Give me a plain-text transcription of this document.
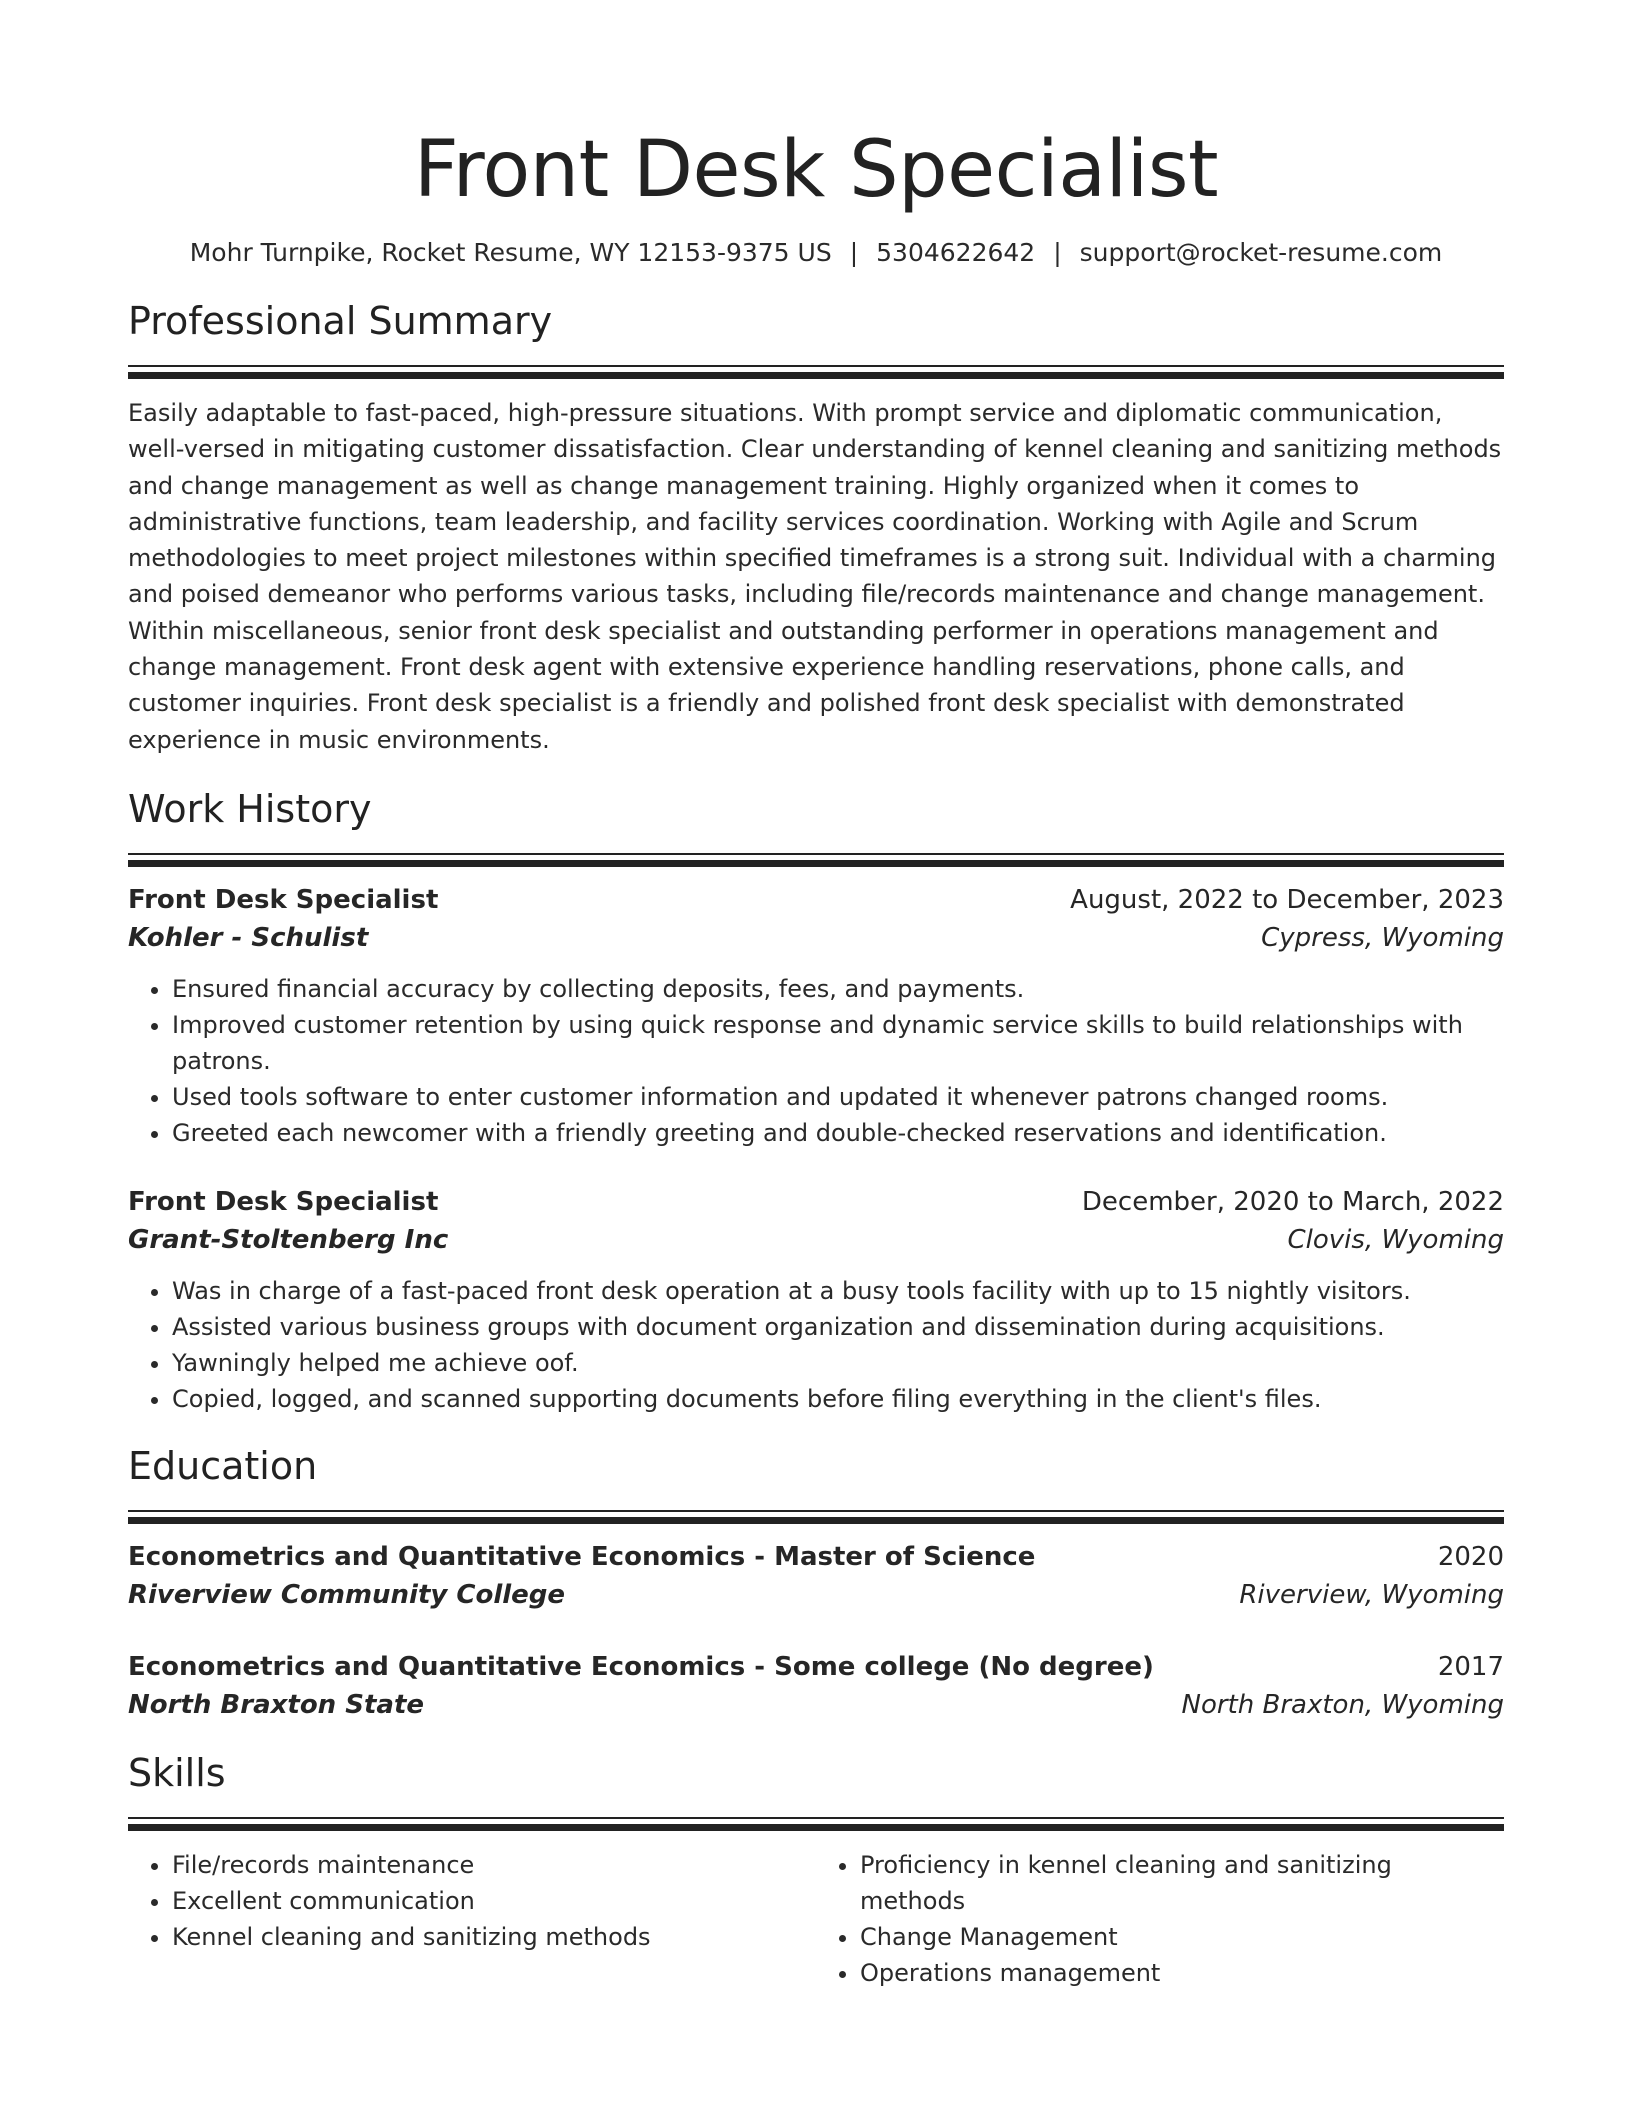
Front Desk Specialist
Mohr Turnpike, Rocket Resume, WY 12153-9375 US | 5304622642 | support@rocket-resume.com
Professional Summary
Easily adaptable to fast-paced, high-pressure situations. With prompt service and diplomatic communication, well-versed in mitigating customer dissatisfaction. Clear understanding of kennel cleaning and sanitizing methods and change management as well as change management training. Highly organized when it comes to administrative functions, team leadership, and facility services coordination. Working with Agile and Scrum methodologies to meet project milestones within specified timeframes is a strong suit. Individual with a charming and poised demeanor who performs various tasks, including file/records maintenance and change management. Within miscellaneous, senior front desk specialist and outstanding performer in operations management and change management. Front desk agent with extensive experience handling reservations, phone calls, and customer inquiries. Front desk specialist is a friendly and polished front desk specialist with demonstrated experience in music environments.
Work History
Front Desk Specialist	August, 2022 to December, 2023
Kohler - Schulist	Cypress, Wyoming
• Ensured financial accuracy by collecting deposits, fees, and payments.
• Improved customer retention by using quick response and dynamic service skills to build relationships with patrons.
• Used tools software to enter customer information and updated it whenever patrons changed rooms.
• Greeted each newcomer with a friendly greeting and double-checked reservations and identification.
Front Desk Specialist	December, 2020 to March, 2022
Grant-Stoltenberg Inc	Clovis, Wyoming
• Was in charge of a fast-paced front desk operation at a busy tools facility with up to 15 nightly visitors.
• Assisted various business groups with document organization and dissemination during acquisitions.
• Yawningly helped me achieve oof.
• Copied, logged, and scanned supporting documents before filing everything in the client's files.
Education
Econometrics and Quantitative Economics - Master of Science	2020
Riverview Community College	Riverview, Wyoming
Econometrics and Quantitative Economics - Some college (No degree)	2017
North Braxton State	North Braxton, Wyoming
Skills
• File/records maintenance
• Excellent communication
• Kennel cleaning and sanitizing methods
• Proficiency in kennel cleaning and sanitizing methods
• Change Management
• Operations management
